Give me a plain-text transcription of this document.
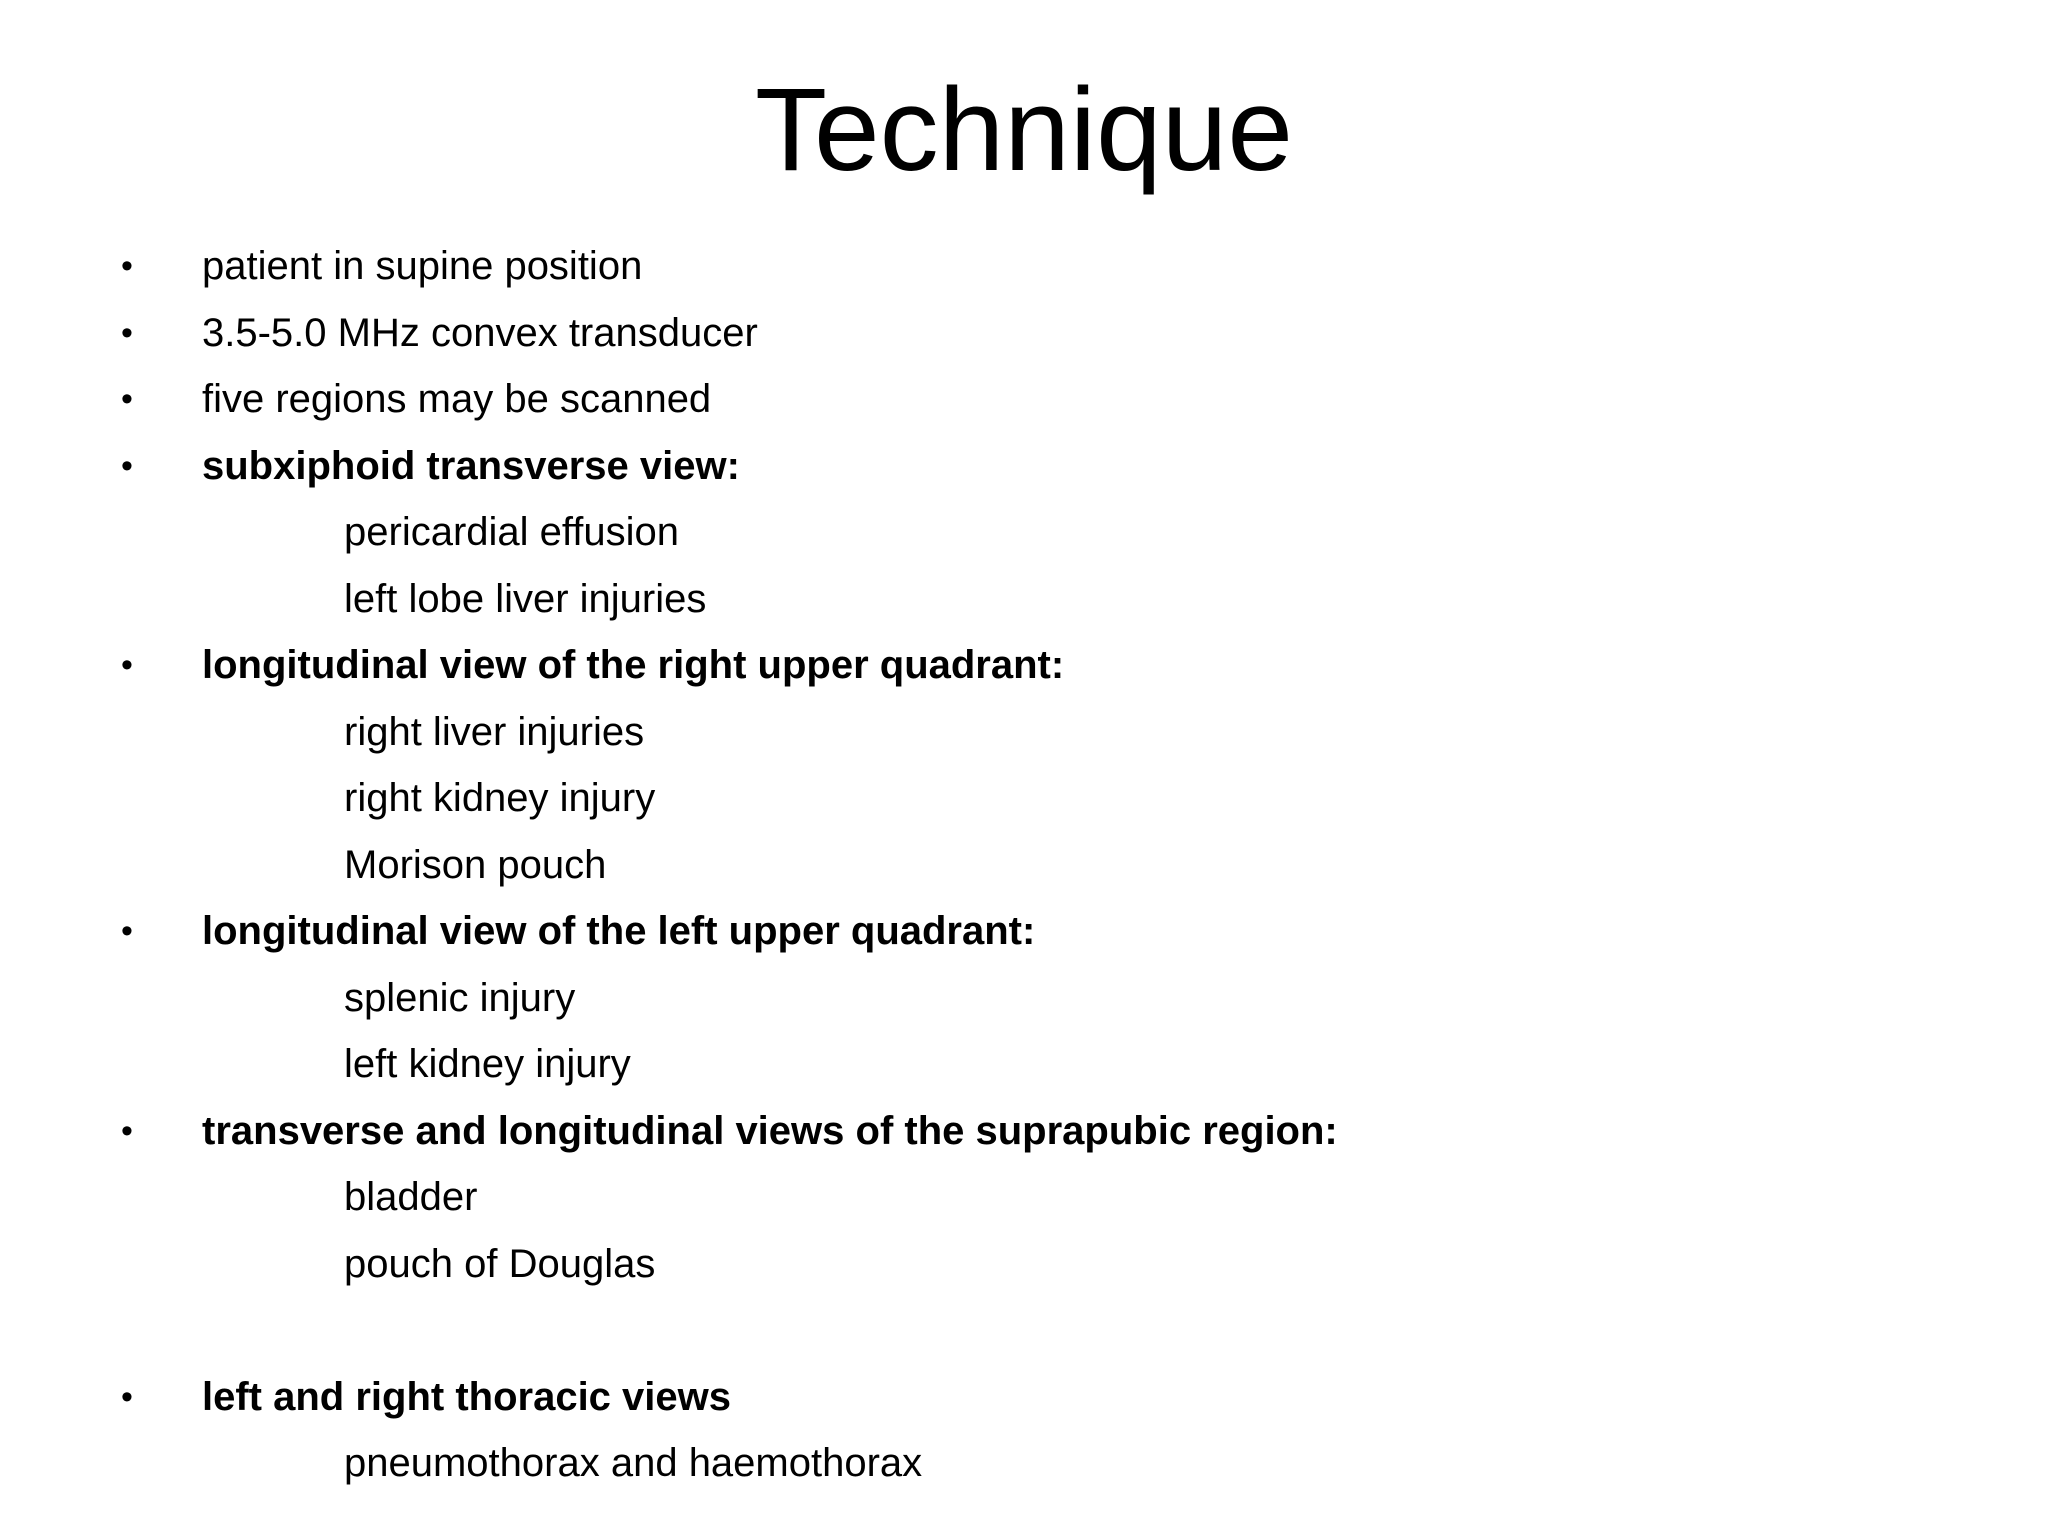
Technique
• patient in supine position
• 3.5-5.0 MHz convex transducer
• five regions may be scanned
• subxiphoid transverse view:
pericardial effusion
left lobe liver injuries
• longitudinal view of the right upper quadrant:
right liver injuries
right kidney injury
Morison pouch
• longitudinal view of the left upper quadrant:
splenic injury
left kidney injury
• transverse and longitudinal views of the suprapubic region:
bladder
pouch of Douglas
• left and right thoracic views
pneumothorax and haemothorax
